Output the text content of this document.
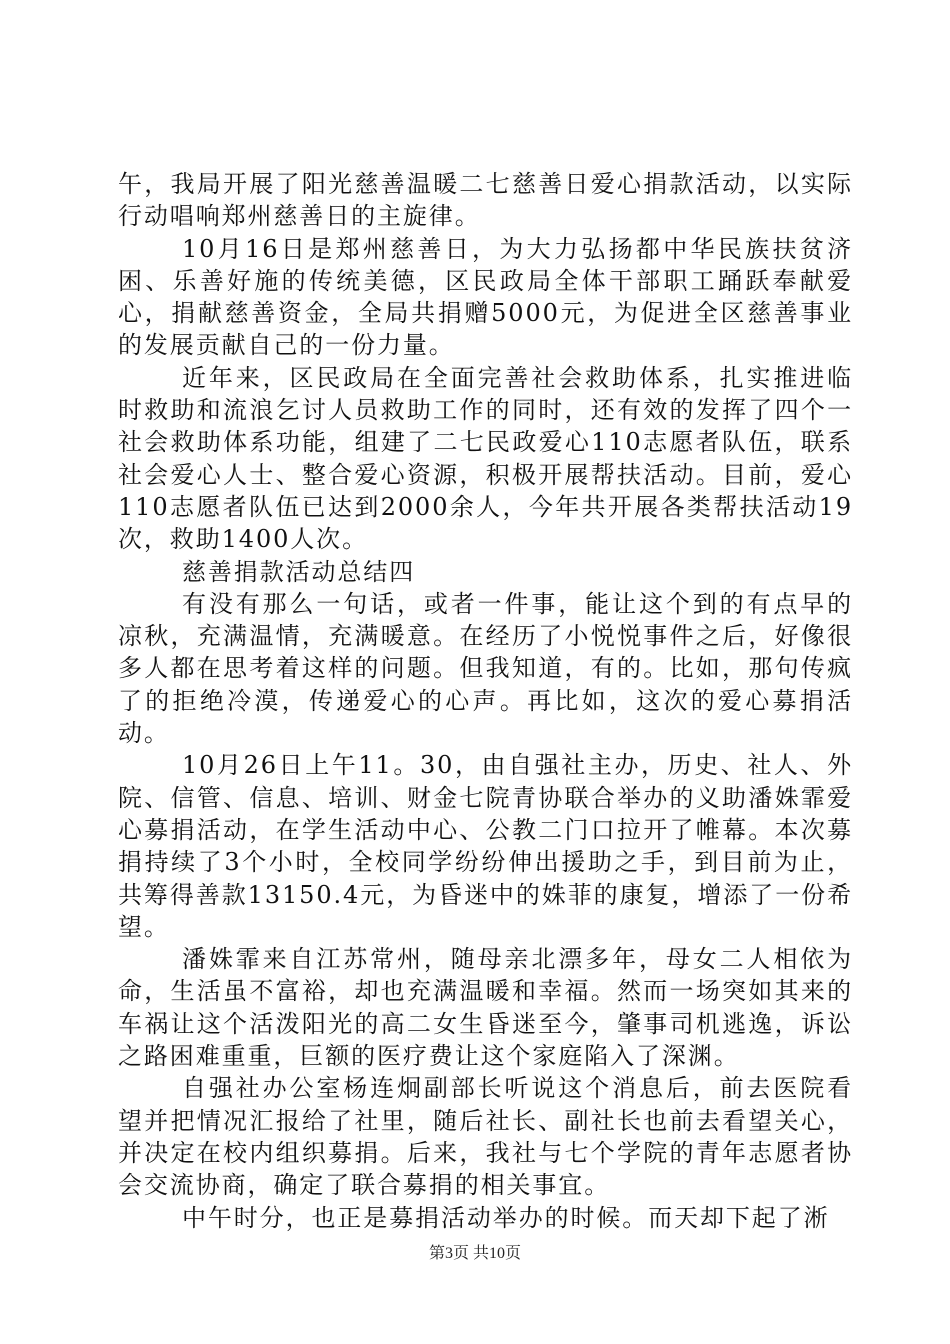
午，我局开展了阳光慈善温暖二七慈善日爱心捐款活动，以实际行动唱响郑州慈善日的主旋律。

10月16日是郑州慈善日，为大力弘扬都中华民族扶贫济困、乐善好施的传统美德，区民政局全体干部职工踊跃奉献爱心，捐献慈善资金，全局共捐赠5000元，为促进全区慈善事业的发展贡献自己的一份力量。

近年来，区民政局在全面完善社会救助体系，扎实推进临时救助和流浪乞讨人员救助工作的同时，还有效的发挥了四个一社会救助体系功能，组建了二七民政爱心110志愿者队伍，联系社会爱心人士、整合爱心资源，积极开展帮扶活动。目前，爱心110志愿者队伍已达到2000余人，今年共开展各类帮扶活动19次，救助1400人次。

慈善捐款活动总结四

有没有那么一句话，或者一件事，能让这个到的有点早的凉秋，充满温情，充满暖意。在经历了小悦悦事件之后，好像很多人都在思考着这样的问题。但我知道，有的。比如，那句传疯了的拒绝冷漠，传递爱心的心声。再比如，这次的爱心募捐活动。

10月26日上午11。30，由自强社主办，历史、社人、外院、信管、信息、培训、财金七院青协联合举办的义助潘姝霏爱心募捐活动，在学生活动中心、公教二门口拉开了帷幕。本次募捐持续了3个小时，全校同学纷纷伸出援助之手，到目前为止，共筹得善款13150.4元，为昏迷中的姝菲的康复，增添了一份希望。

潘姝霏来自江苏常州，随母亲北漂多年，母女二人相依为命，生活虽不富裕，却也充满温暖和幸福。然而一场突如其来的车祸让这个活泼阳光的高二女生昏迷至今，肇事司机逃逸，诉讼之路困难重重，巨额的医疗费让这个家庭陷入了深渊。

自强社办公室杨连炯副部长听说这个消息后，前去医院看望并把情况汇报给了社里，随后社长、副社长也前去看望关心，并决定在校内组织募捐。后来，我社与七个学院的青年志愿者协会交流协商，确定了联合募捐的相关事宜。

中午时分，也正是募捐活动举办的时候。而天却下起了淅

第3页 共10页
